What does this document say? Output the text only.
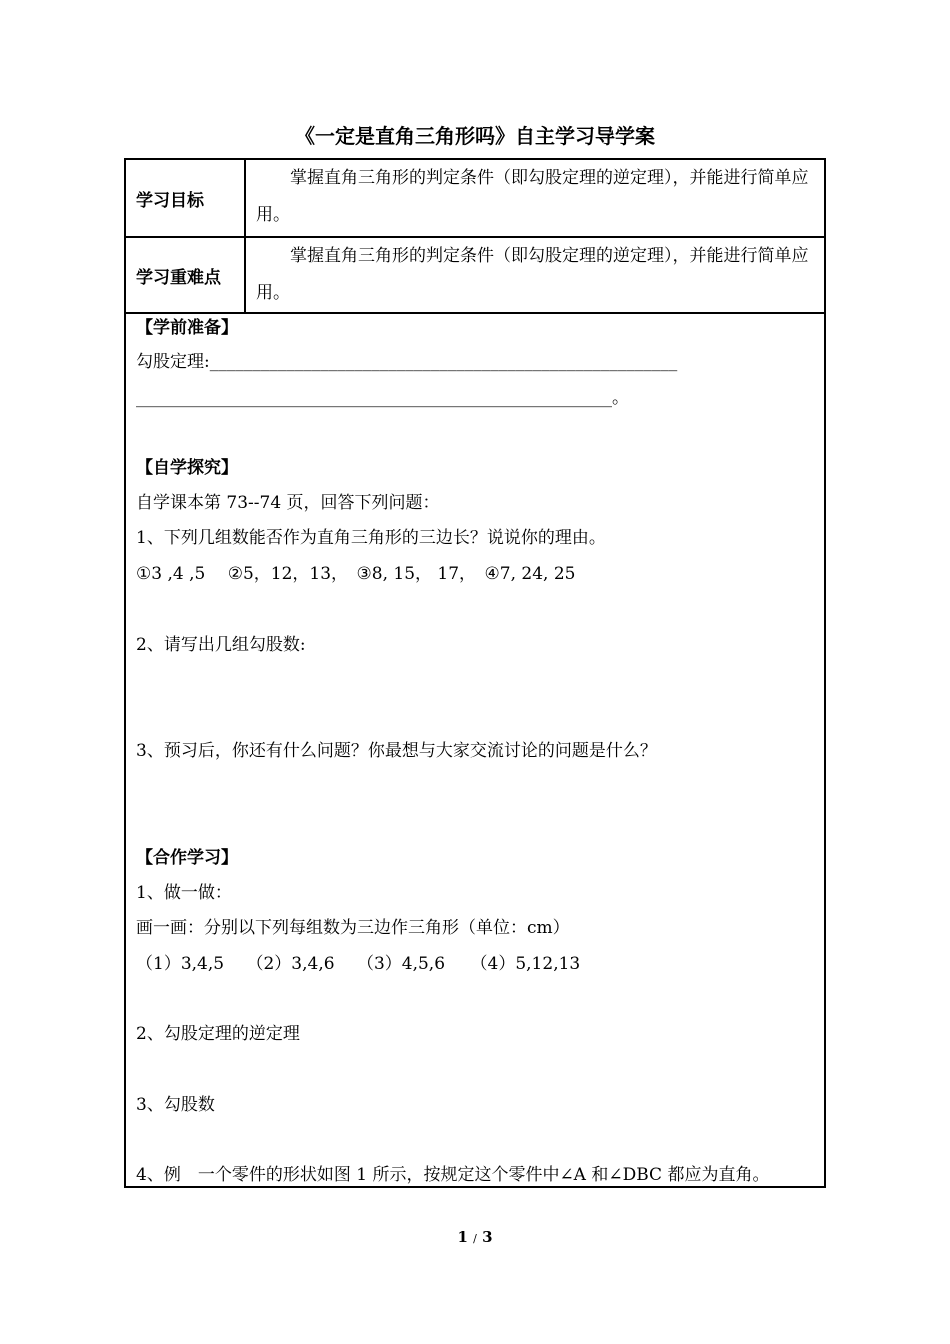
《一定是直角三角形吗》自主学习导学案
学习目标
掌握直角三角形的判定条件（即勾股定理的逆定理），并能进行简单应用。
学习重难点
掌握直角三角形的判定条件（即勾股定理的逆定理），并能进行简单应用。
【学前准备】
勾股定理:_______________________________________________________
________________________________________________________。
【自学探究】
自学课本第 73--74 页，回答下列问题：
1、下列几组数能否作为直角三角形的三边长？说说你的理由。
①3 ,4 ,5　 ②5，12，13，　③8, 15， 17，　④7, 24, 25
2、请写出几组勾股数:
3、预习后，你还有什么问题？你最想与大家交流讨论的问题是什么？
【合作学习】
1、做一做：
画一画：分别以下列每组数为三边作三角形（单位：cm）
（1）3,4,5　 （2）3,4,6　 （3）4,5,6　　（4）5,12,13
2、勾股定理的逆定理
3、勾股数
4、例　一个零件的形状如图 1 所示，按规定这个零件中∠A 和∠DBC 都应为直角。
1 / 3
